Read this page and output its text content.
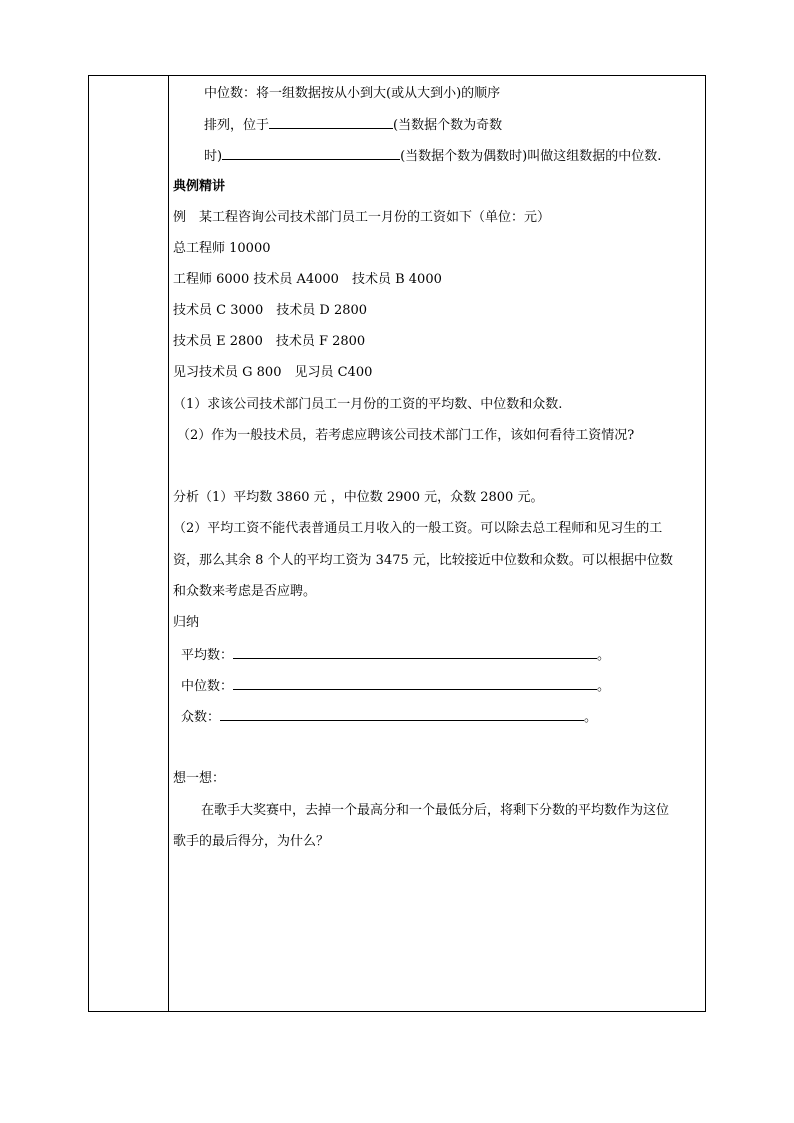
中位数：将一组数据按从小到大(或从大到小)的顺序
排列，位于	(当数据个数为奇数
时)	(当数据个数为偶数时)叫做这组数据的中位数.
典例精讲
例　某工程咨询公司技术部门员工一月份的工资如下（单位：元）
总工程师 10000
工程师 6000 技术员 A4000　技术员 B 4000
技术员 C 3000　技术员 D 2800
技术员 E 2800　技术员 F 2800
见习技术员 G 800　见习员 C400
（1）求该公司技术部门员工一月份的工资的平均数、中位数和众数.
（2）作为一般技术员，若考虑应聘该公司技术部门工作，该如何看待工资情况?
分析（1）平均数 3860 元 ，中位数 2900 元，众数 2800 元。
（2）平均工资不能代表普通员工月收入的一般工资。可以除去总工程师和见习生的工
资，那么其余 8 个人的平均工资为 3475 元，比较接近中位数和众数。可以根据中位数
和众数来考虑是否应聘。
归纳
平均数：	。
中位数：	。
众数：	。
想一想：
在歌手大奖赛中，去掉一个最高分和一个最低分后，将剩下分数的平均数作为这位
歌手的最后得分，为什么？
